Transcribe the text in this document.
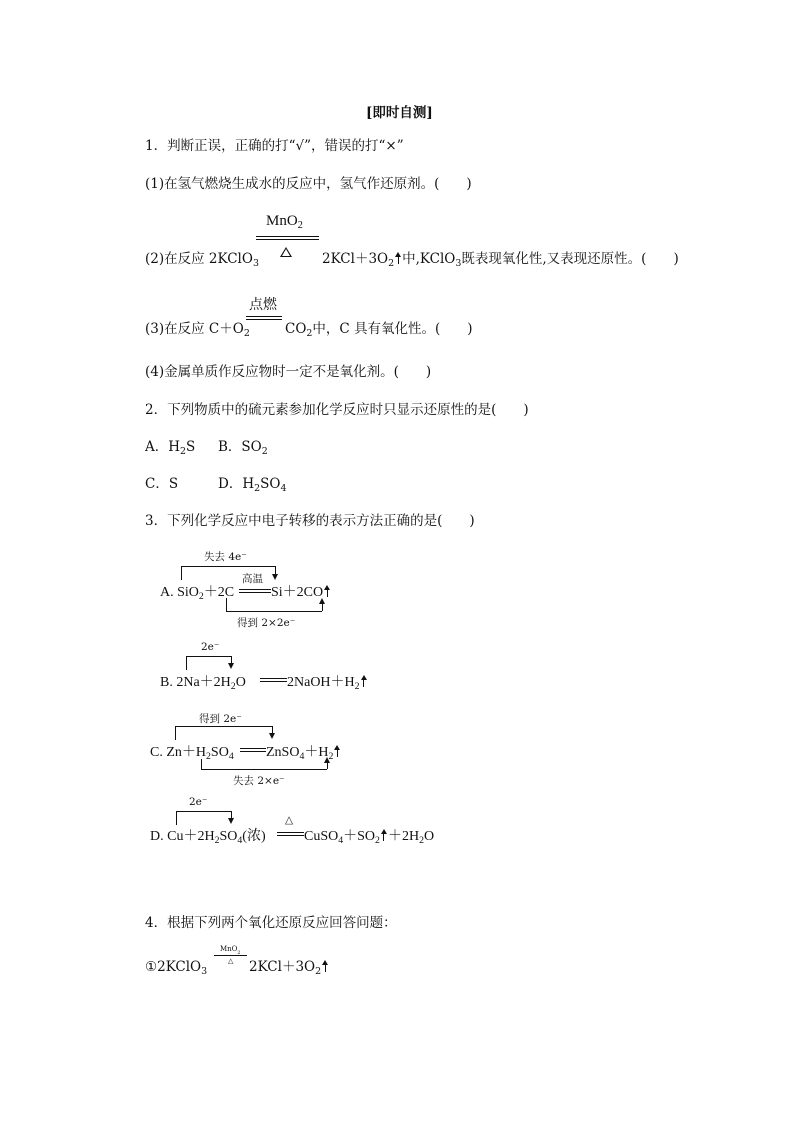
[即时自测]
1．判断正误，正确的打“√”，错误的打“×”
(1)在氢气燃烧生成水的反应中，氢气作还原剂。(　　)
MnO$_2$
(2)在反应 2KClO$_3$	$2KCl+3O_2$ 中,KClO$_3$既表现氧化性,又表现还原性。(　　)
点燃
(3)在反应 $C+O_2$	$CO_2$中，C 具有氧化性。(　　)
(4)金属单质作反应物时一定不是氧化剂。(　　)
2．下列物质中的硫元素参加化学反应时只显示还原性的是(　　)
A．$H_2S$ B．$SO_2$
C．S	D．$H_2SO_4$
3．下列化学反应中电子转移的表示方法正确的是(　　)
失去 4e⁻
高温
A. SiO$_2$＋2C	Si＋2CO
得到 2×2e⁻
2e⁻
B. $2Na+2H_2O$	$2NaOH+H_2$
得到 2e⁻
C. $Zn+H_2SO_4$ $ZnSO_4+H_2$
失去 2×e⁻
2e⁻
△
D. $Cu+2H_2SO_4$(浓)	$CuSO_4+SO_2 +2H_2O$
4．根据下列两个氧化还原反应回答问题：
MnO$_2$
△
①2KClO$_3$	$2KCl+3O_2$
